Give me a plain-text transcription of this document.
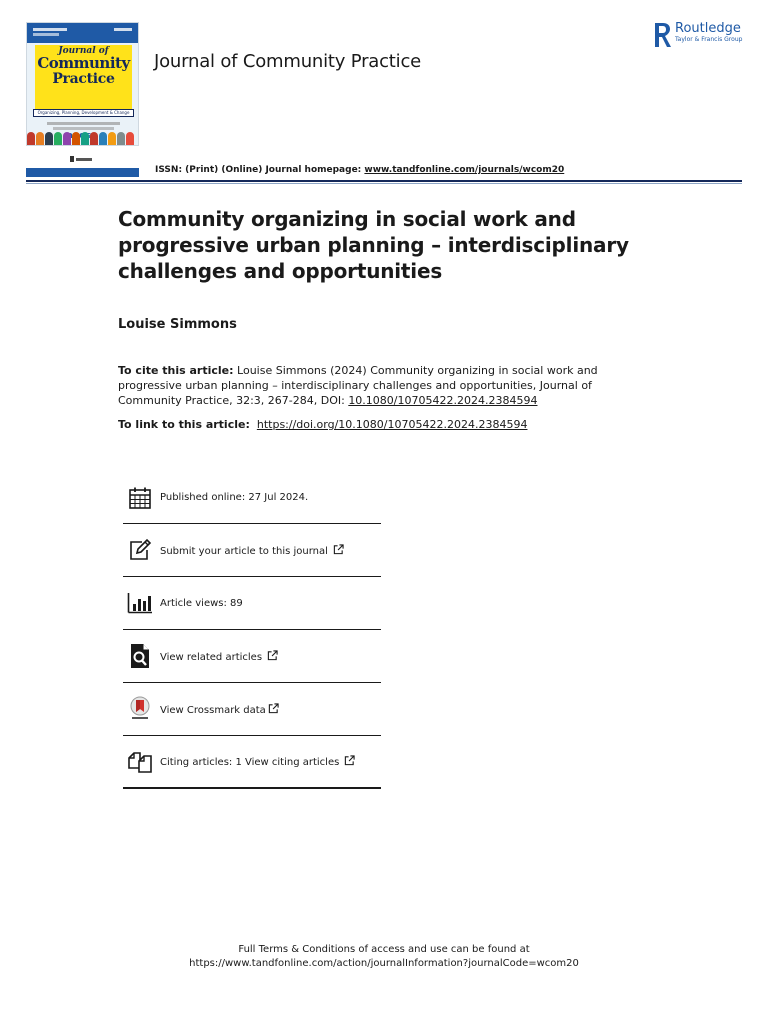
Journal of
Community
Practice
Organizing, Planning, Development & Change
Journal of Community Practice
Routledge
Taylor & Francis Group
ISSN: (Print) (Online) Journal homepage: www.tandfonline.com/journals/wcom20
Community organizing in social work and progressive urban planning – interdisciplinary challenges and opportunities
Louise Simmons
To cite this article: Louise Simmons (2024) Community organizing in social work and progressive urban planning – interdisciplinary challenges and opportunities, Journal of Community Practice, 32:3, 267-284, DOI: 10.1080/10705422.2024.2384594
To link to this article: https://doi.org/10.1080/10705422.2024.2384594
Published online: 27 Jul 2024.
Submit your article to this journal
Article views: 89
View related articles
View Crossmark data
Citing articles: 1 View citing articles
Full Terms & Conditions of access and use can be found at
https://www.tandfonline.com/action/journalInformation?journalCode=wcom20
